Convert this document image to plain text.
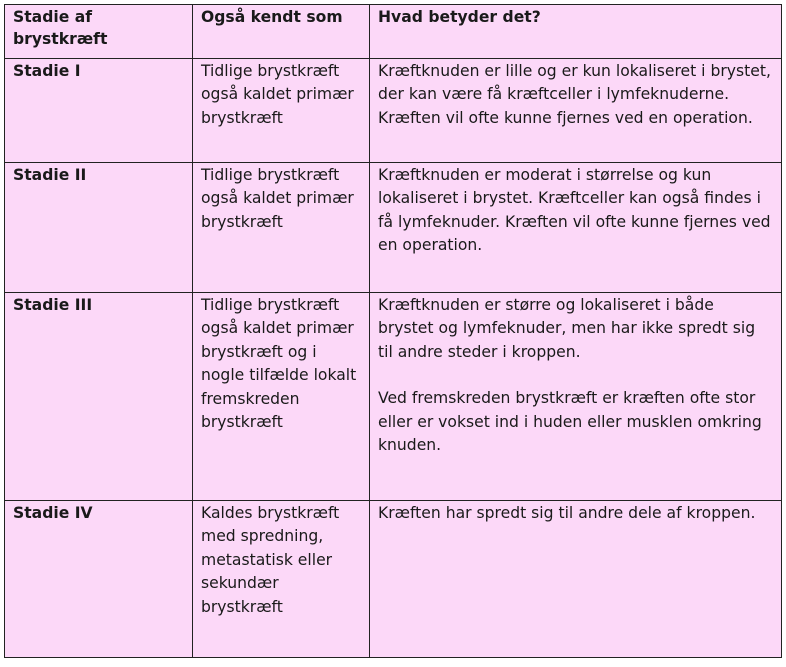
Stadie af brystkræft	Også kendt som	Hvad betyder det?
Stadie I	Tidlige brystkræft også kaldet primær brystkræft	Kræftknuden er lille og er kun lokaliseret i brystet, der kan være få kræftceller i lymfeknuderne. Kræften vil ofte kunne fjernes ved en operation.

Stadie II	Tidlige brystkræft også kaldet primær brystkræft	Kræftknuden er moderat i størrelse og kun lokaliseret i brystet. Kræftceller kan også findes i få lymfeknuder. Kræften vil ofte kunne fjernes ved en operation.

Stadie III	Tidlige brystkræft også kaldet primær brystkræft og i nogle tilfælde lokalt fremskreden brystkræft	Kræftknuden er større og lokaliseret i både brystet og lymfeknuder, men har ikke spredt sig til andre steder i kroppen.
Ved fremskreden brystkræft er kræften ofte stor eller er vokset ind i huden eller musklen omkring knuden.

Stadie IV	Kaldes brystkræft med spredning, metastatisk eller sekundær brystkræft	Kræften har spredt sig til andre dele af kroppen.
